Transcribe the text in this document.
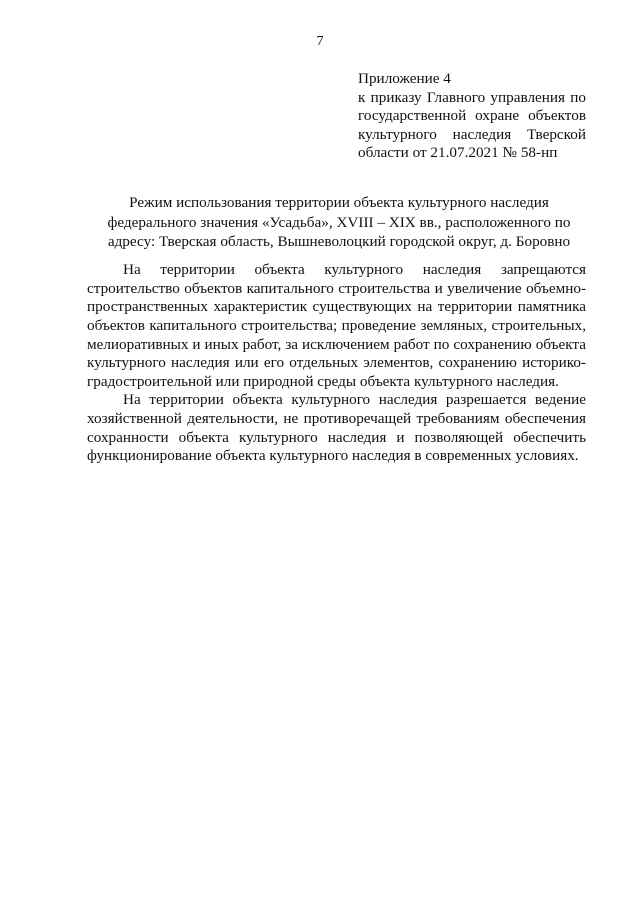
7
Приложение 4
к приказу Главного управления по
государственной охране объектов
культурного наследия Тверской
области от 21.07.2021 № 58-нп
Режим использования территории объекта культурного наследия
федерального значения «Усадьба», XVIII – XIX вв., расположенного по
адресу: Тверская область, Вышневолоцкий городской округ, д. Боровно
На территории объекта культурного наследия запрещаются
строительство объектов капитального строительства и увеличение объемно-
пространственных характеристик существующих на территории памятника
объектов капитального строительства; проведение земляных, строительных,
мелиоративных и иных работ, за исключением работ по сохранению объекта
культурного наследия или его отдельных элементов, сохранению историко-
градостроительной или природной среды объекта культурного наследия.
На территории объекта культурного наследия разрешается ведение
хозяйственной деятельности, не противоречащей требованиям обеспечения
сохранности объекта культурного наследия и позволяющей обеспечить
функционирование объекта культурного наследия в современных условиях.
